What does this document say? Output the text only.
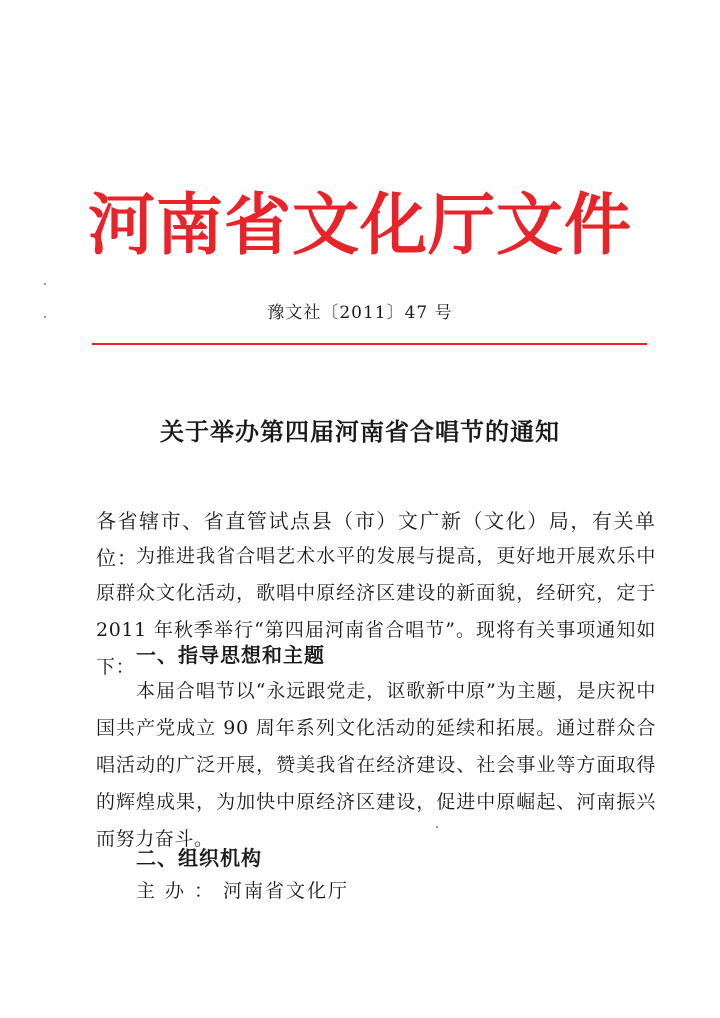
河南省文化厅文件
豫文社〔2011〕47 号
关于举办第四届河南省合唱节的通知
各省辖市、省直管试点县（市）文广新（文化）局，有关单位：
为推进我省合唱艺术水平的发展与提高，更好地开展欢乐中原群众文化活动，歌唱中原经济区建设的新面貌，经研究，定于 2011 年秋季举行“第四届河南省合唱节”。现将有关事项通知如下： 一、指导思想和主题
本届合唱节以“永远跟党走，讴歌新中原”为主题，是庆祝中国共产党成立 90 周年系列文化活动的延续和拓展。通过群众合唱活动的广泛开展，赞美我省在经济建设、社会事业等方面取得的辉煌成果，为加快中原经济区建设，促进中原崛起、河南振兴而努力奋斗。
二、组织机构
主办：河南省文化厅
